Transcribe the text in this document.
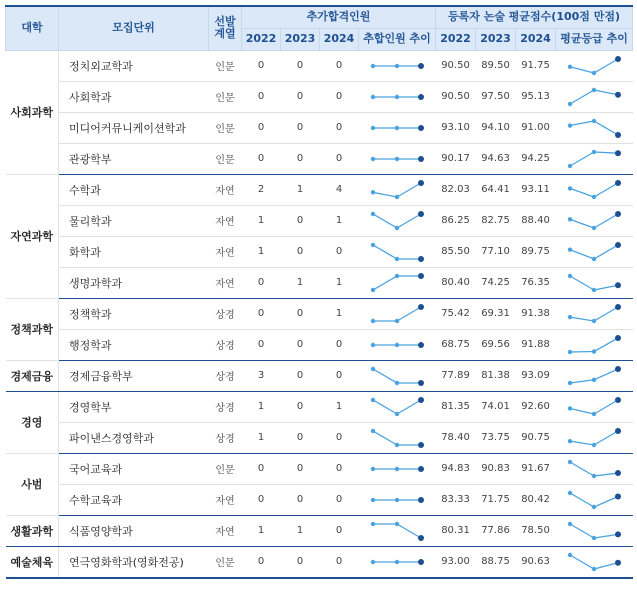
대학	모집단위	선발 계열	추가합격인원				등록자 논술 평균점수(100점 만점)			
			2022	2023	2024	추합인원 추이	2022	2023	2024	평균등급 추이
사회과학	정치외교학과	인문	0	0	0		90.50	89.50	91.75	

	사회학과	인문	0	0	0		90.50	97.50	95.13	

	미디어커뮤니케이션학과	인문	0	0	0		93.10	94.10	91.00	

	관광학부	인문	0	0	0		90.17	94.63	94.25	

자연과학	수학과	자연	2	1	4		82.03	64.41	93.11	

	물리학과	자연	1	0	1		86.25	82.75	88.40	

	화학과	자연	1	0	0		85.50	77.10	89.75	

	생명과학과	자연	0	1	1		80.40	74.25	76.35	

정책과학	정책학과	상경	0	0	1		75.42	69.31	91.38	

	행정학과	상경	0	0	0		68.75	69.56	91.88	

경제금융	경제금융학부	상경	3	0	0		77.89	81.38	93.09	

경영	경영학부	상경	1	0	1		81.35	74.01	92.60	

	파이낸스경영학과	상경	1	0	0		78.40	73.75	90.75	

사범	국어교육과	인문	0	0	0		94.83	90.83	91.67	

	수학교육과	자연	0	0	0		83.33	71.75	80.42	

생활과학	식품영양학과	자연	1	1	0		80.31	77.86	78.50	

예술체육	연극영화학과(영화전공)	인문	0	0	0		93.00	88.75	90.63	
